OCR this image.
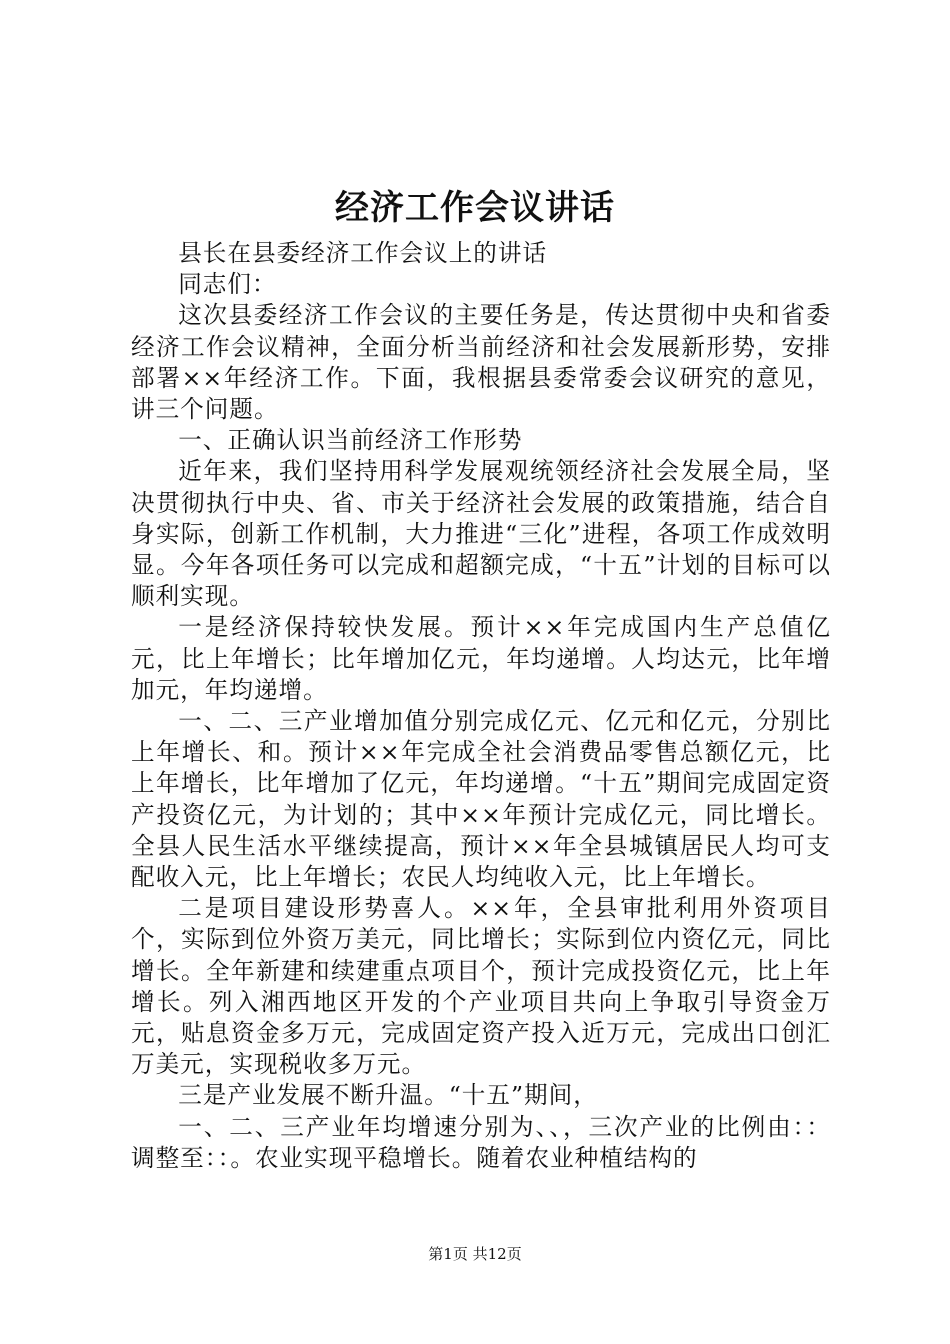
经济工作会议讲话

县长在县委经济工作会议上的讲话

同志们：

这次县委经济工作会议的主要任务是，传达贯彻中央和省委经济工作会议精神，全面分析当前经济和社会发展新形势，安排部署××年经济工作。下面，我根据县委常委会议研究的意见，讲三个问题。

一、正确认识当前经济工作形势

近年来，我们坚持用科学发展观统领经济社会发展全局，坚决贯彻执行中央、省、市关于经济社会发展的政策措施，结合自身实际，创新工作机制，大力推进“三化”进程，各项工作成效明显。今年各项任务可以完成和超额完成，“十五”计划的目标可以顺利实现。

一是经济保持较快发展。预计××年完成国内生产总值亿元，比上年增长；比年增加亿元，年均递增。人均达元，比年增加元，年均递增。

一、二、三产业增加值分别完成亿元、亿元和亿元，分别比上年增长、和。预计××年完成全社会消费品零售总额亿元，比上年增长，比年增加了亿元，年均递增。“十五”期间完成固定资产投资亿元，为计划的；其中××年预计完成亿元，同比增长。全县人民生活水平继续提高，预计××年全县城镇居民人均可支配收入元，比上年增长；农民人均纯收入元，比上年增长。

二是项目建设形势喜人。××年，全县审批利用外资项目个，实际到位外资万美元，同比增长；实际到位内资亿元，同比增长。全年新建和续建重点项目个，预计完成投资亿元，比上年增长。列入湘西地区开发的个产业项目共向上争取引导资金万元，贴息资金多万元，完成固定资产投入近万元，完成出口创汇万美元，实现税收多万元。

三是产业发展不断升温。“十五”期间，

一、二、三产业年均增速分别为、、，三次产业的比例由：：调整至：：。农业实现平稳增长。随着农业种植结构的

第1页 共12页
